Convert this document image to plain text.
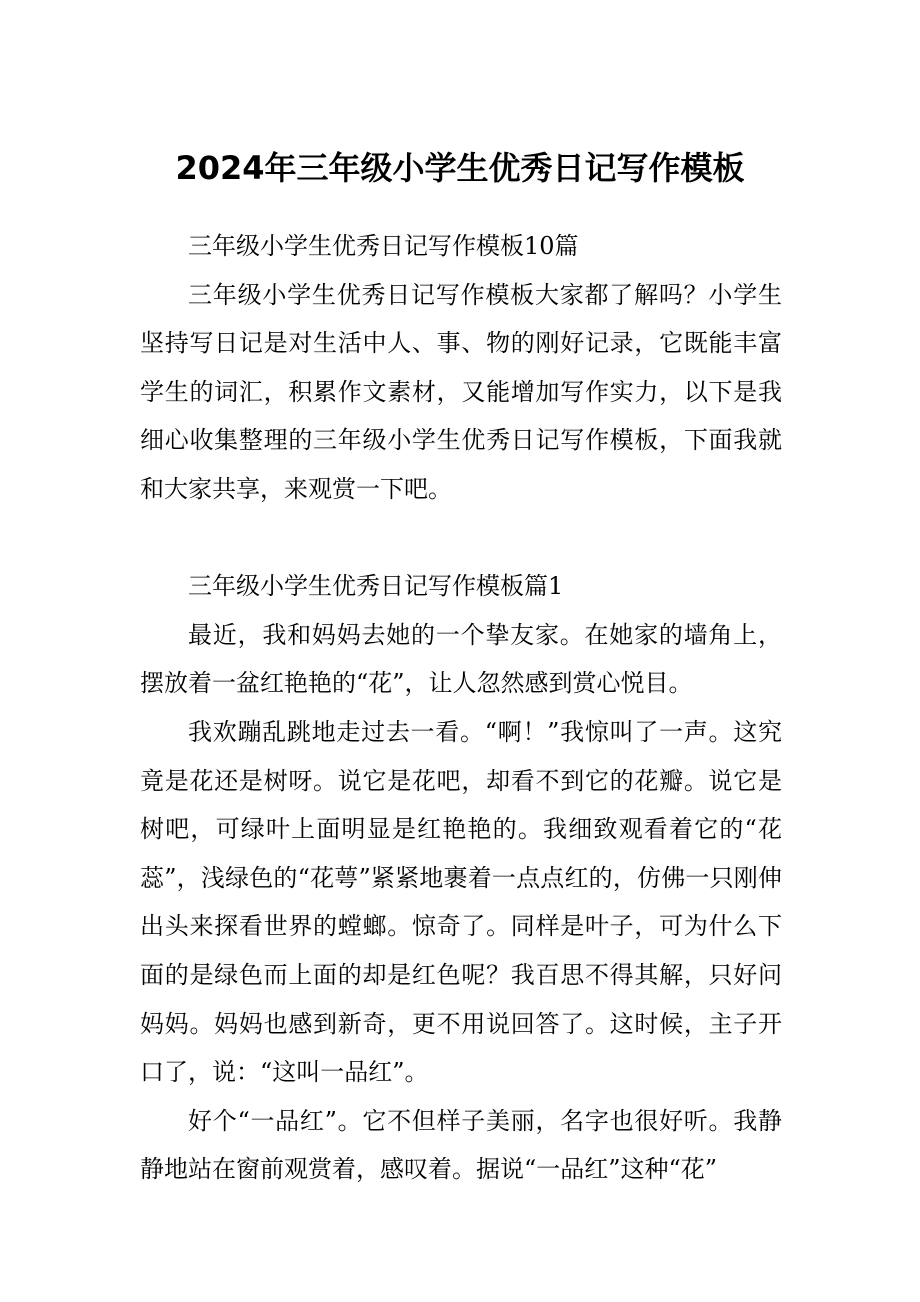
2024年三年级小学生优秀日记写作模板

三年级小学生优秀日记写作模板10篇

三年级小学生优秀日记写作模板大家都了解吗？小学生坚持写日记是对生活中人、事、物的刚好记录，它既能丰富学生的词汇，积累作文素材，又能增加写作实力，以下是我细心收集整理的三年级小学生优秀日记写作模板，下面我就和大家共享，来观赏一下吧。

三年级小学生优秀日记写作模板篇1

最近，我和妈妈去她的一个挚友家。在她家的墙角上，摆放着一盆红艳艳的“花”，让人忽然感到赏心悦目。

我欢蹦乱跳地走过去一看。“啊！”我惊叫了一声。这究竟是花还是树呀。说它是花吧，却看不到它的花瓣。说它是树吧，可绿叶上面明显是红艳艳的。我细致观看着它的“花蕊”，浅绿色的“花萼”紧紧地裹着一点点红的，仿佛一只刚伸出头来探看世界的螳螂。惊奇了。同样是叶子，可为什么下面的是绿色而上面的却是红色呢？我百思不得其解，只好问妈妈。妈妈也感到新奇，更不用说回答了。这时候，主子开口了，说：“这叫一品红”。

好个“一品红”。它不但样子美丽，名字也很好听。我静静地站在窗前观赏着，感叹着。据说“一品红”这种“花”
